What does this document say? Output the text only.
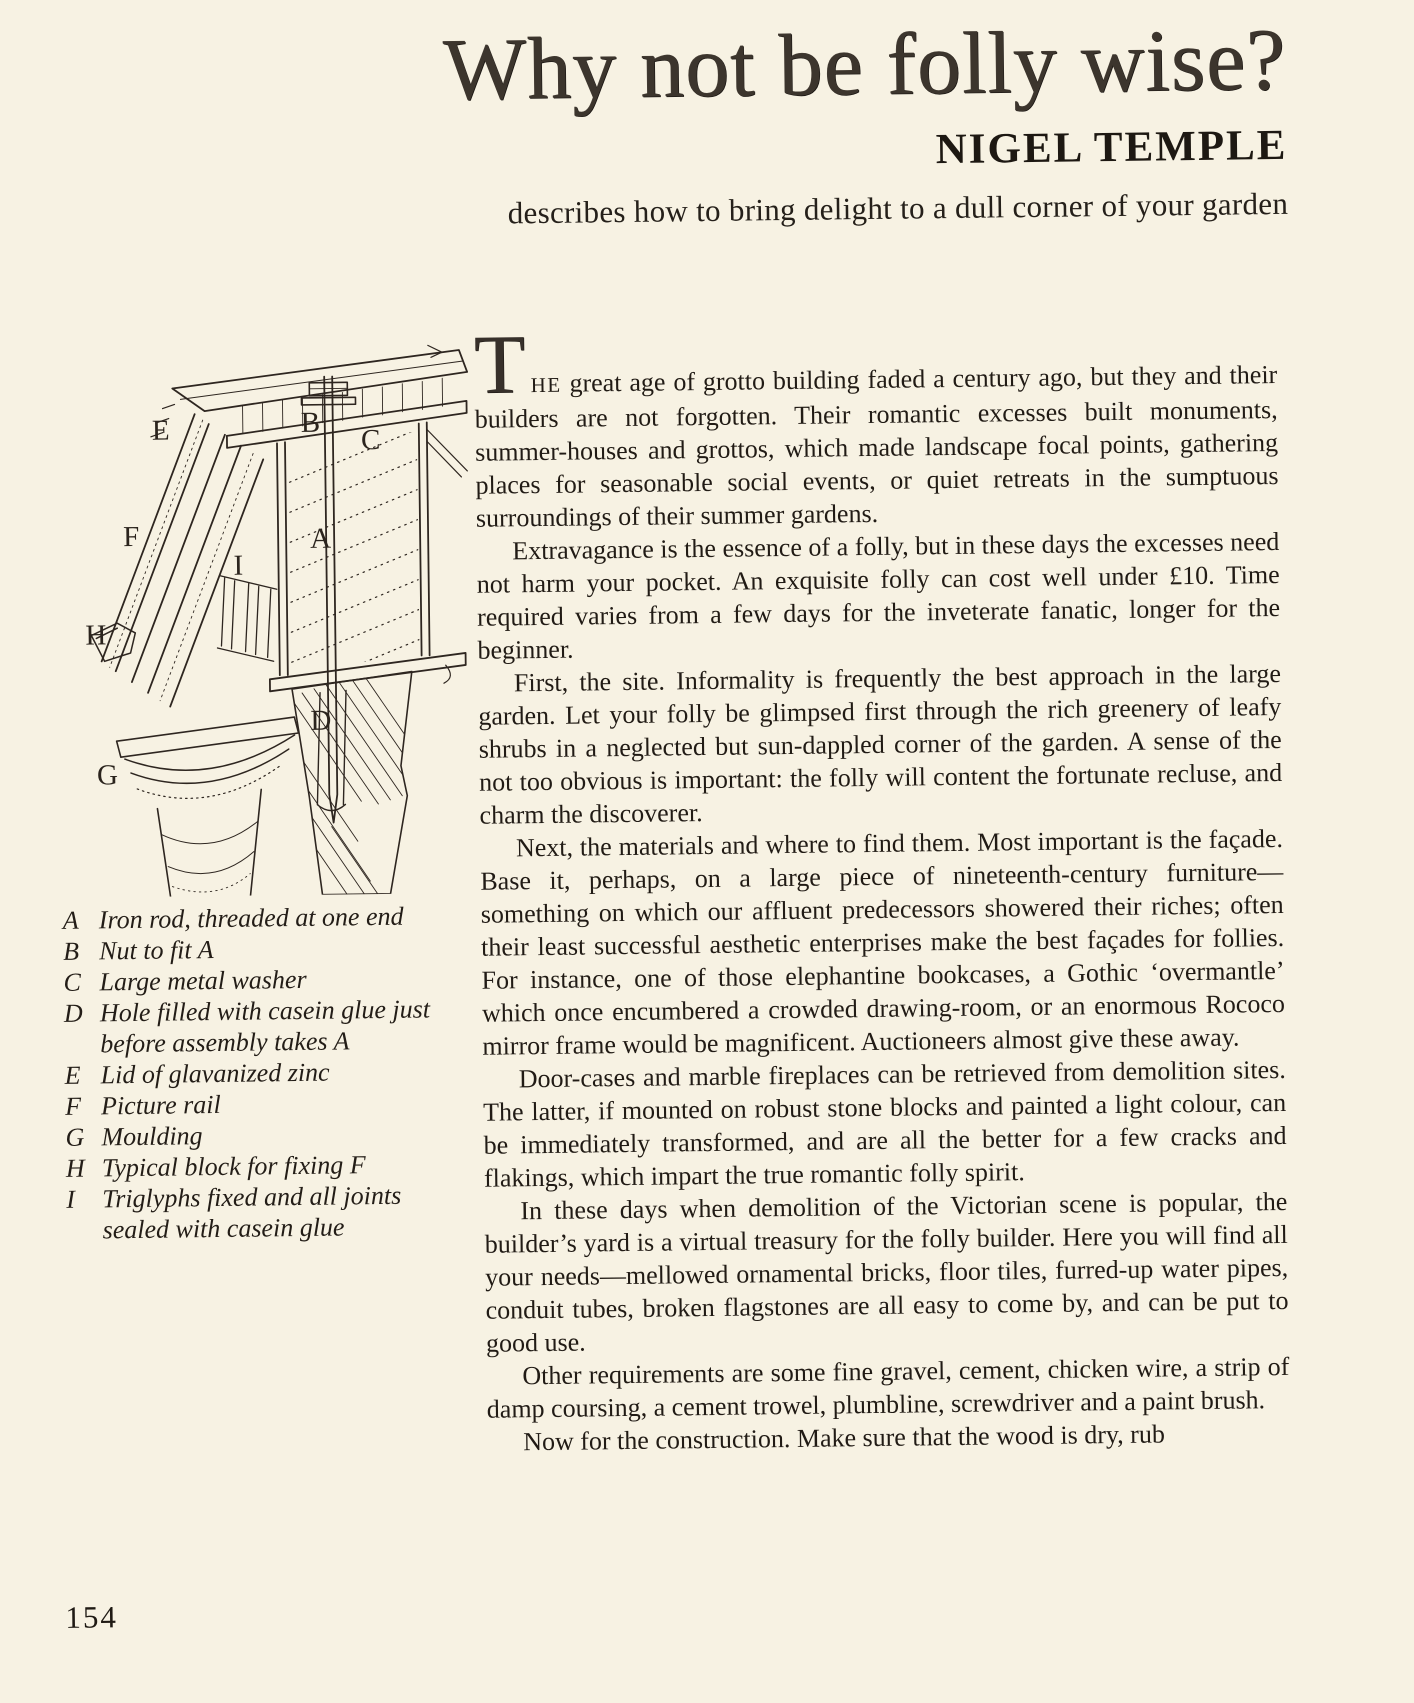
Why not be folly wise?
NIGEL TEMPLE
describes how to bring delight to a dull corner of your garden
E	B
C
F	A
I
H
D
G
A Iron rod, threaded at one end
B Nut to fit A
C Large metal washer
D Hole filled with casein glue just before assembly takes A
E Lid of glavanized zinc
F Picture rail
G Moulding
H Typical block for fixing F
I	Triglyphs fixed and all joints sealed with casein glue

THE great age of grotto building faded a century ago, but they and their builders are not forgotten. Their romantic excesses built monuments, summer-houses and grottos, which made landscape focal points, gathering places for seasonable social events, or quiet retreats in the sumptuous surroundings of their summer gardens.

Extravagance is the essence of a folly, but in these days the excesses need not harm your pocket. An exquisite folly can cost well under £10. Time required varies from a few days for the inveterate fanatic, longer for the beginner.

First, the site. Informality is frequently the best approach in the large garden. Let your folly be glimpsed first through the rich greenery of leafy shrubs in a neglected but sun-dappled corner of the garden. A sense of the not too obvious is important: the folly will content the fortunate recluse, and charm the discoverer.

Next, the materials and where to find them. Most important is the façade. Base it, perhaps, on a large piece of nineteenth-century furniture—something on which our affluent predecessors showered their riches; often their least successful aesthetic enterprises make the best façades for follies. For instance, one of those elephantine bookcases, a Gothic ‘overmantle’ which once encumbered a crowded drawing-room, or an enormous Rococo mirror frame would be magnificent. Auctioneers almost give these away.

Door-cases and marble fireplaces can be retrieved from demolition sites. The latter, if mounted on robust stone blocks and painted a light colour, can be immediately transformed, and are all the better for a few cracks and flakings, which impart the true romantic folly spirit.

In these days when demolition of the Victorian scene is popular, the builder’s yard is a virtual treasury for the folly builder. Here you will find all your needs—mellowed ornamental bricks, floor tiles, furred-up water pipes, conduit tubes, broken flagstones are all easy to come by, and can be put to good use.

Other requirements are some fine gravel, cement, chicken wire, a strip of damp coursing, a cement trowel, plumbline, screwdriver and a paint brush.

Now for the construction. Make sure that the wood is dry, rub

154
